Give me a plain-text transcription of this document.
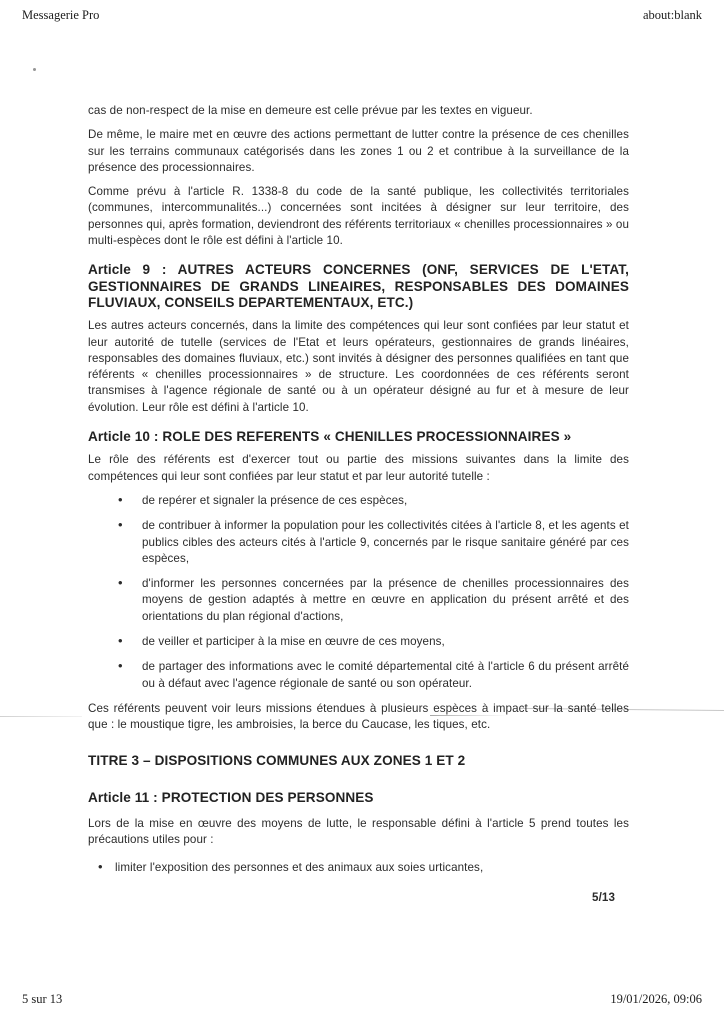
Messagerie Pro	about:blank

cas de non-respect de la mise en demeure est celle prévue par les textes en vigueur.

De même, le maire met en œuvre des actions permettant de lutter contre la présence de ces chenilles sur les terrains communaux catégorisés dans les zones 1 ou 2 et contribue à la surveillance de la présence des processionnaires.

Comme prévu à l'article R. 1338-8 du code de la santé publique, les collectivités territoriales (communes, intercommunalités...) concernées sont incitées à désigner sur leur territoire, des personnes qui, après formation, deviendront des référents territoriaux « chenilles processionnaires » ou multi-espèces dont le rôle est défini à l'article 10.

Article 9 : AUTRES ACTEURS CONCERNES (ONF, SERVICES DE L'ETAT, GESTIONNAIRES DE GRANDS LINEAIRES, RESPONSABLES DES DOMAINES FLUVIAUX, CONSEILS DEPARTEMENTAUX, ETC.)

Les autres acteurs concernés, dans la limite des compétences qui leur sont confiées par leur statut et leur autorité de tutelle (services de l'Etat et leurs opérateurs, gestionnaires de grands linéaires, responsables des domaines fluviaux, etc.) sont invités à désigner des personnes qualifiées en tant que référents « chenilles processionnaires » de structure. Les coordonnées de ces référents seront transmises à l'agence régionale de santé ou à un opérateur désigné au fur et à mesure de leur évolution. Leur rôle est défini à l'article 10.

Article 10 : ROLE DES REFERENTS « CHENILLES PROCESSIONNAIRES »

Le rôle des référents est d'exercer tout ou partie des missions suivantes dans la limite des compétences qui leur sont confiées par leur statut et par leur autorité tutelle :

• de repérer et signaler la présence de ces espèces,
• de contribuer à informer la population pour les collectivités citées à l'article 8, et les agents et publics cibles des acteurs cités à l'article 9, concernés par le risque sanitaire généré par ces espèces,
• d'informer les personnes concernées par la présence de chenilles processionnaires des moyens de gestion adaptés à mettre en œuvre en application du présent arrêté et des orientations du plan régional d'actions,
• de veiller et participer à la mise en œuvre de ces moyens,
• de partager des informations avec le comité départemental cité à l'article 6 du présent arrêté ou à défaut avec l'agence régionale de santé ou son opérateur.

Ces référents peuvent voir leurs missions étendues à plusieurs espèces à impact sur la santé telles que : le moustique tigre, les ambroisies, la berce du Caucase, les tiques, etc.

TITRE 3 – DISPOSITIONS COMMUNES AUX ZONES 1 ET 2
Article 11 : PROTECTION DES PERSONNES

Lors de la mise en œuvre des moyens de lutte, le responsable défini à l'article 5 prend toutes les précautions utiles pour :

• limiter l'exposition des personnes et des animaux aux soies urticantes,
5/13
5 sur 13	19/01/2026, 09:06
